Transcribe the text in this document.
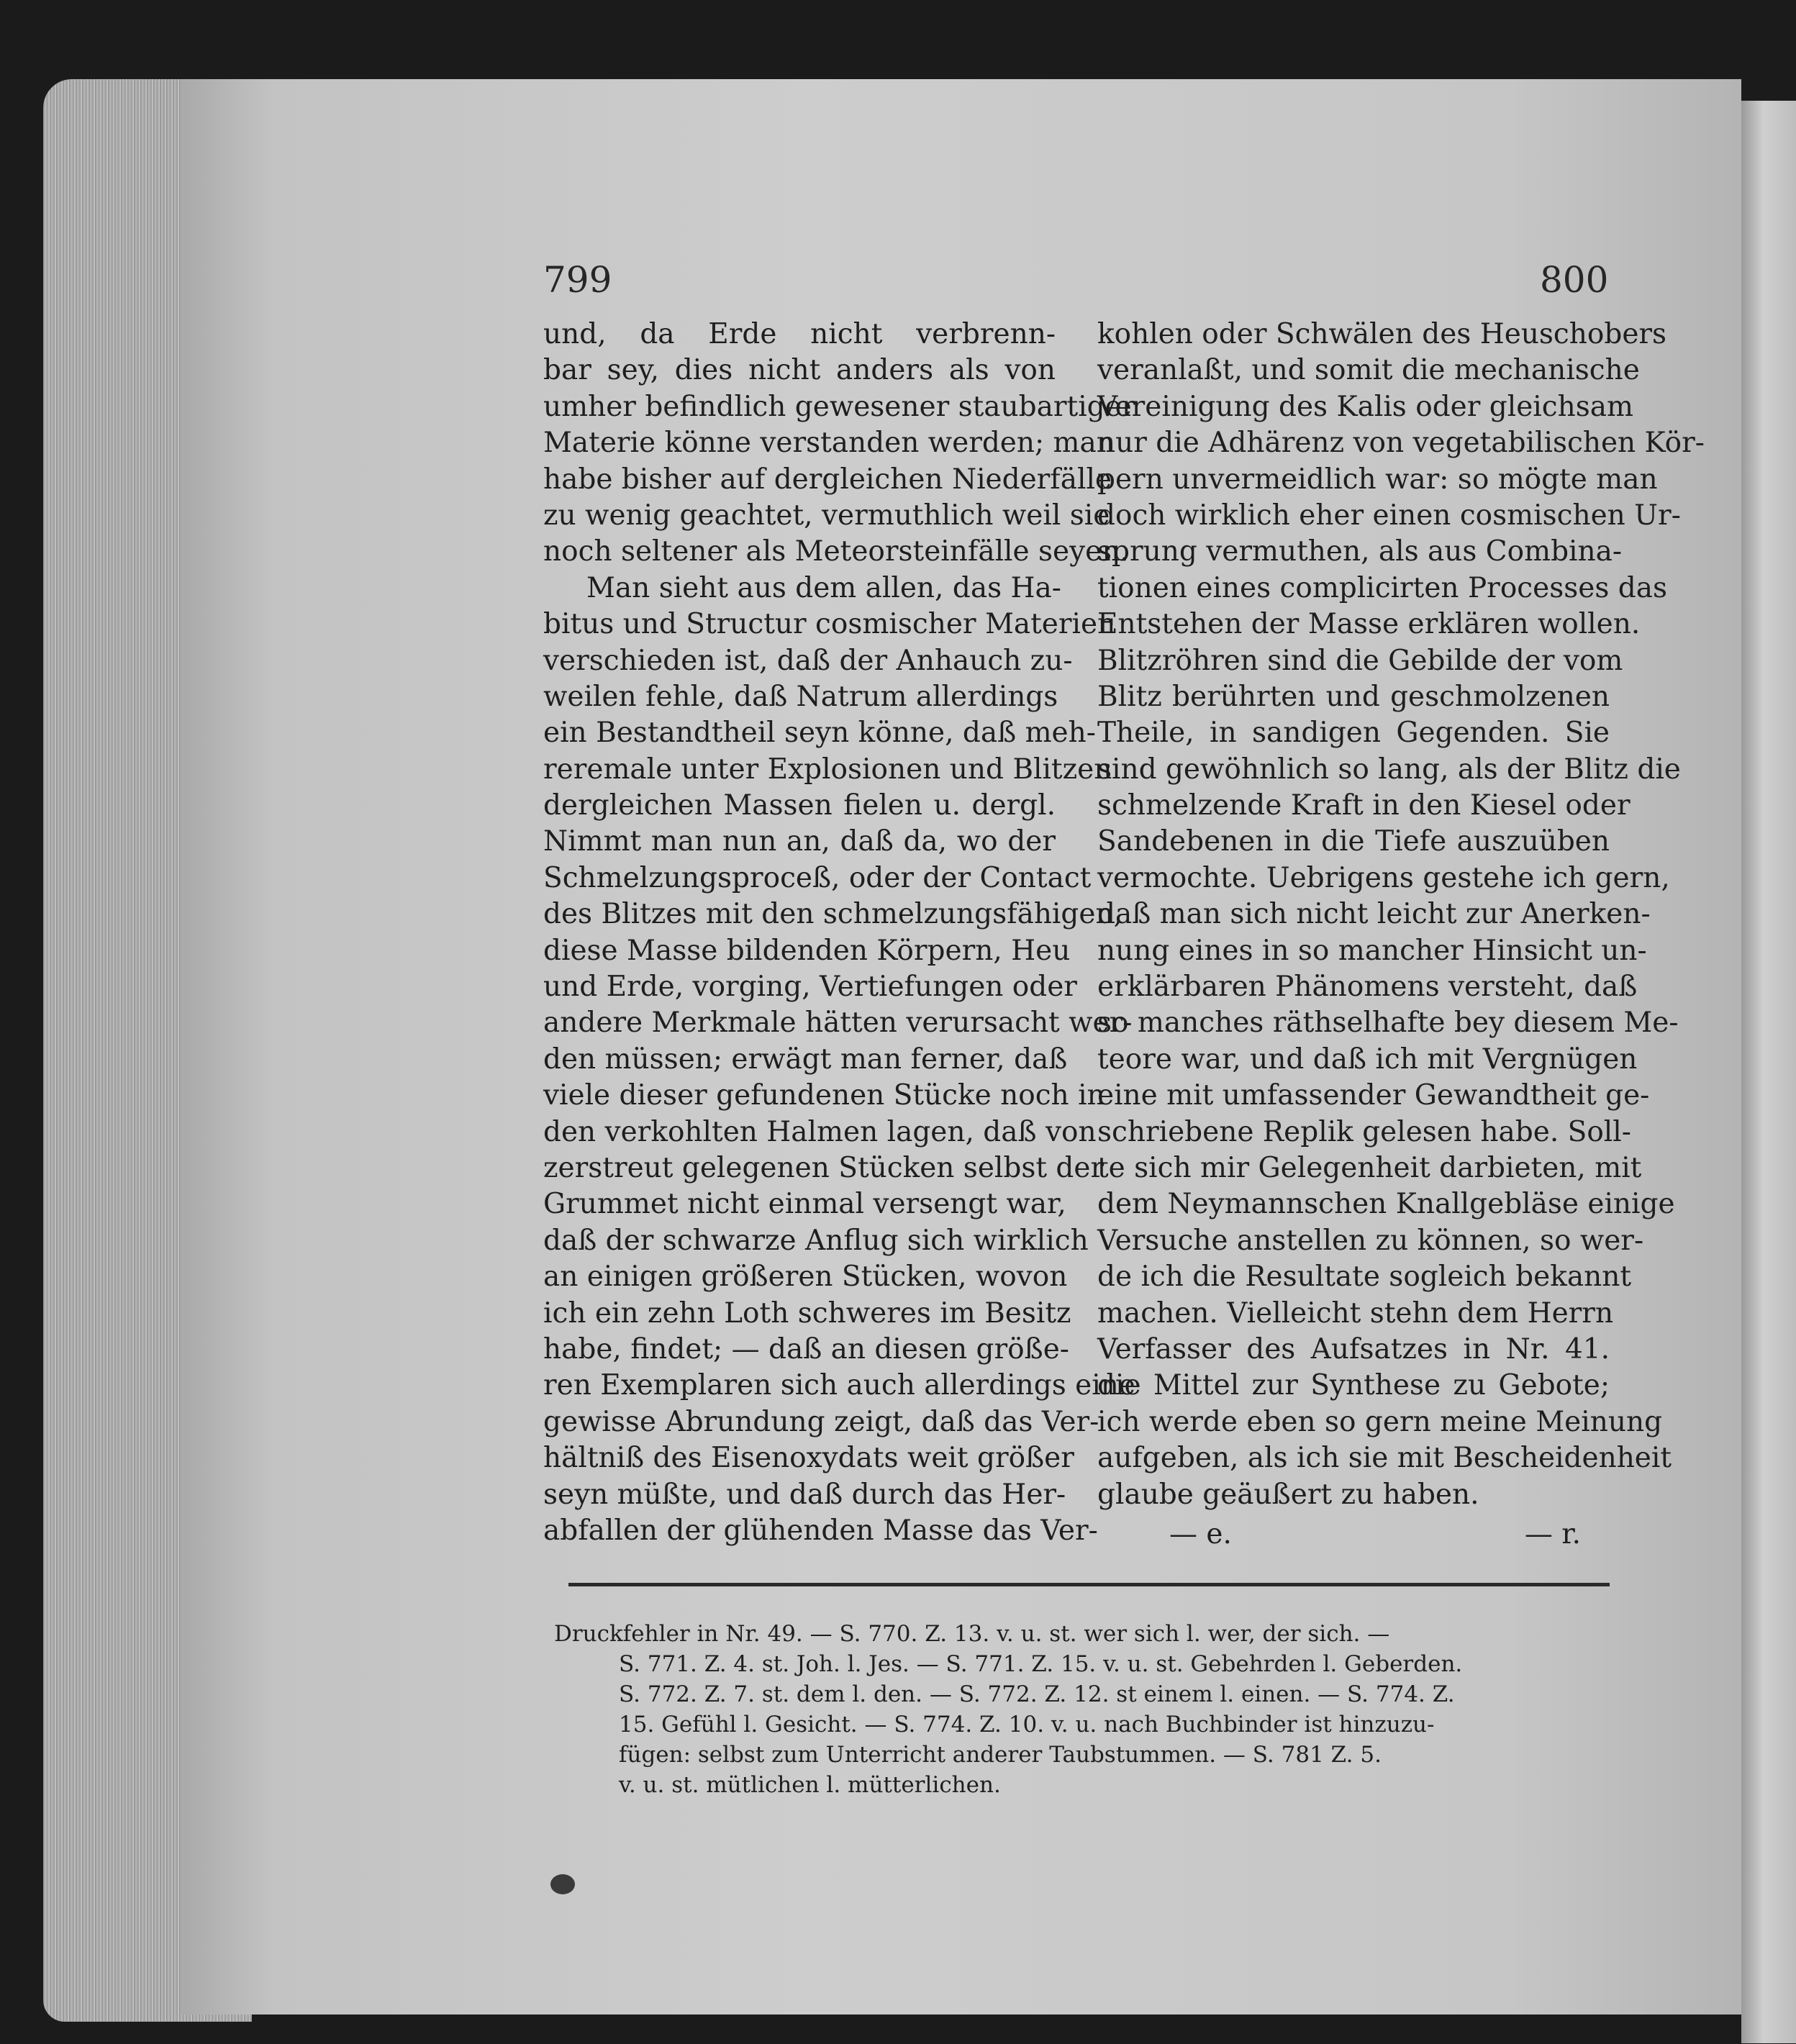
799	800
und, da Erde nicht verbrenn-
bar sey, dies nicht anders als von
umher befindlich gewesener staubartiger
Materie könne verstanden werden; man
habe bisher auf dergleichen Niederfälle
zu wenig geachtet, vermuthlich weil sie
noch seltener als Meteorsteinfälle seyen.
Man sieht aus dem allen, das Ha-
bitus und Structur cosmischer Materien
verschieden ist, daß der Anhauch zu-
weilen fehle, daß Natrum allerdings
ein Bestandtheil seyn könne, daß meh-
reremale unter Explosionen und Blitzen
dergleichen Massen fielen u. dergl.
Nimmt man nun an, daß da, wo der
Schmelzungsproceß, oder der Contact
des Blitzes mit den schmelzungsfähigen,
diese Masse bildenden Körpern, Heu
und Erde, vorging, Vertiefungen oder
andere Merkmale hätten verursacht wer-
den müssen; erwägt man ferner, daß
viele dieser gefundenen Stücke noch in
den verkohlten Halmen lagen, daß von
zerstreut gelegenen Stücken selbst der
Grummet nicht einmal versengt war,
daß der schwarze Anflug sich wirklich
an einigen größeren Stücken, wovon
ich ein zehn Loth schweres im Besitz
habe, findet; — daß an diesen größe-
ren Exemplaren sich auch allerdings eine
gewisse Abrundung zeigt, daß das Ver-
hältniß des Eisenoxydats weit größer
seyn müßte, und daß durch das Her-
abfallen der glühenden Masse das Ver-
kohlen oder Schwälen des Heuschobers
veranlaßt, und somit die mechanische
Vereinigung des Kalis oder gleichsam
nur die Adhärenz von vegetabilischen Kör-
pern unvermeidlich war: so mögte man
doch wirklich eher einen cosmischen Ur-
sprung vermuthen, als aus Combina-
tionen eines complicirten Processes das
Entstehen der Masse erklären wollen.
Blitzröhren sind die Gebilde der vom
Blitz berührten und geschmolzenen
Theile, in sandigen Gegenden. Sie
sind gewöhnlich so lang, als der Blitz die
schmelzende Kraft in den Kiesel oder
Sandebenen in die Tiefe auszuüben
vermochte. Uebrigens gestehe ich gern,
daß man sich nicht leicht zur Anerken-
nung eines in so mancher Hinsicht un-
erklärbaren Phänomens versteht, daß
so manches räthselhafte bey diesem Me-
teore war, und daß ich mit Vergnügen
eine mit umfassender Gewandtheit ge-
schriebene Replik gelesen habe. Soll-
te sich mir Gelegenheit darbieten, mit
dem Neymannschen Knallgebläse einige
Versuche anstellen zu können, so wer-
de ich die Resultate sogleich bekannt
machen. Vielleicht stehn dem Herrn
Verfasser des Aufsatzes in Nr. 41.
die Mittel zur Synthese zu Gebote;
ich werde eben so gern meine Meinung
aufgeben, als ich sie mit Bescheidenheit
glaube geäußert zu haben.
— e.	— r.
Druckfehler in Nr. 49. — S. 770. Z. 13. v. u. st. wer sich l. wer, der sich. —
S. 771. Z. 4. st. Joh. l. Jes. — S. 771. Z. 15. v. u. st. Gebehrden l. Geberden.
S. 772. Z. 7. st. dem l. den. — S. 772. Z. 12. st einem l. einen. — S. 774. Z.
15. Gefühl l. Gesicht. — S. 774. Z. 10. v. u. nach Buchbinder ist hinzuzu-
fügen: selbst zum Unterricht anderer Taubstummen. — S. 781 Z. 5.
v. u. st. mütlichen l. mütterlichen.
